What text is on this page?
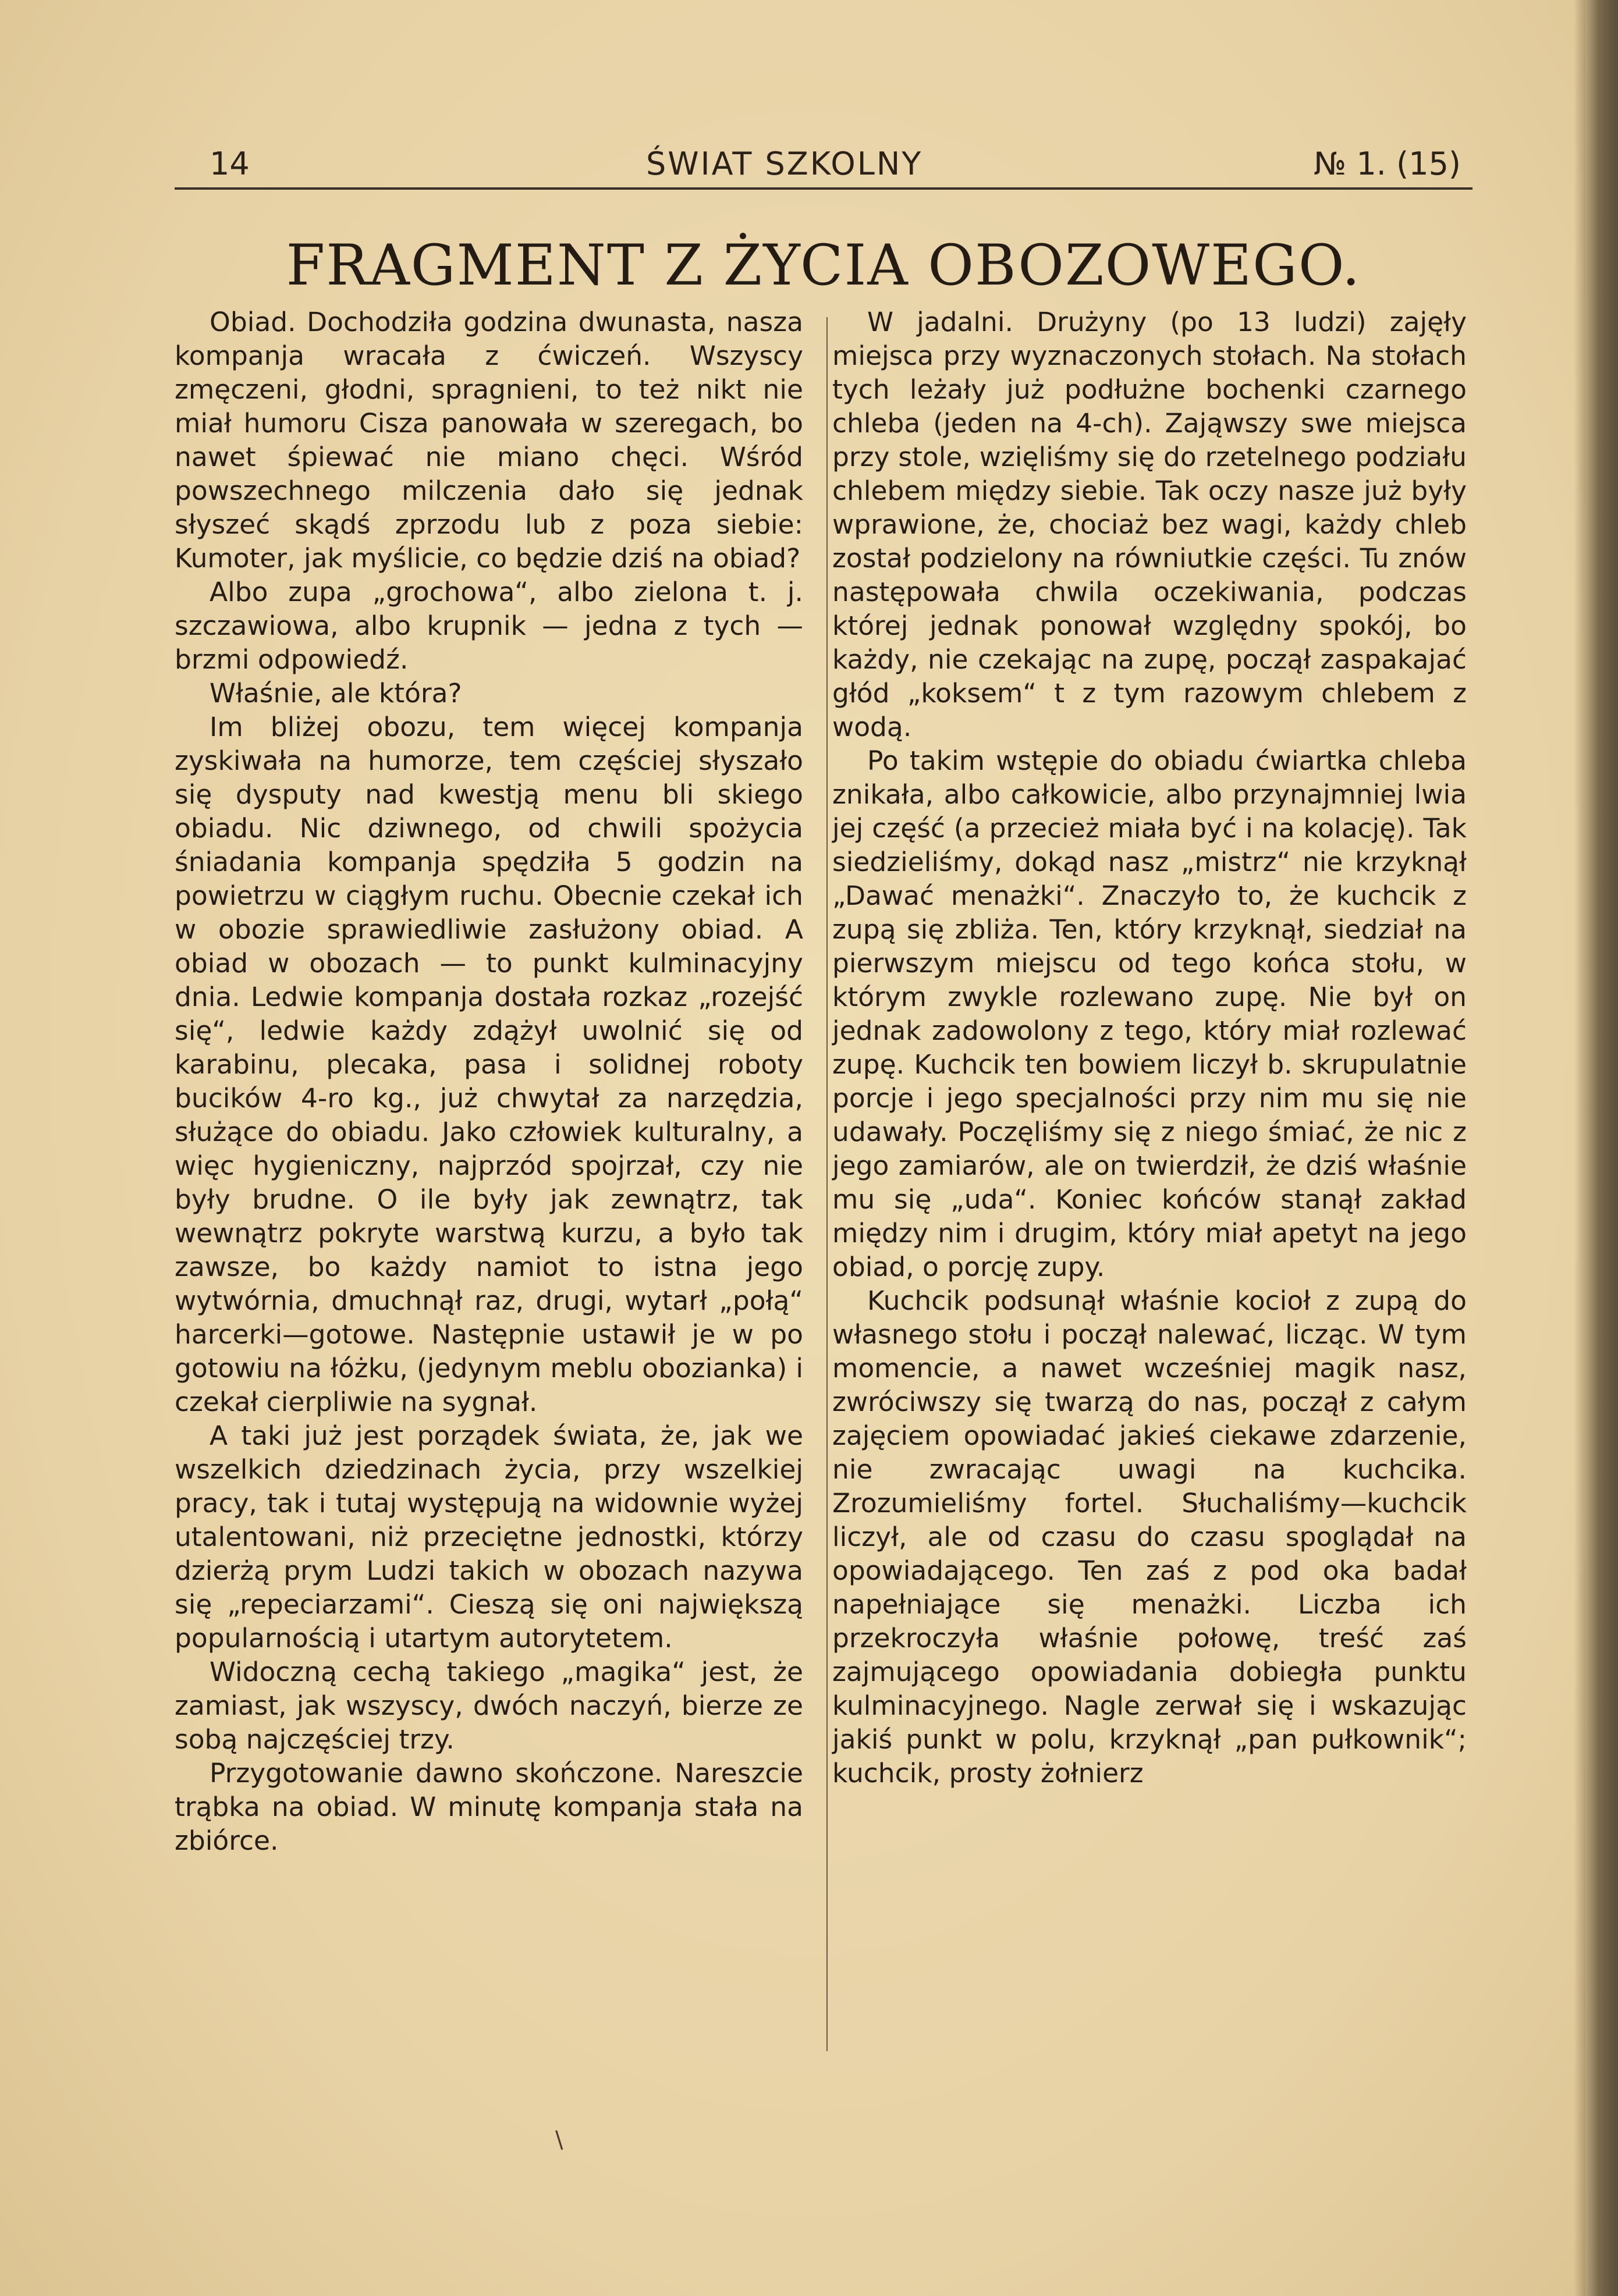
14	ŚWIAT SZKOLNY	№ 1. (15)
FRAGMENT Z ŻYCIA OBOZOWEGO.

Obiad. Dochodziła godzina dwunasta, nasza kompanja wracała z ćwiczeń. Wszyscy zmęczeni, głodni, spragnieni, to też nikt nie miał humoru Cisza panowała w szeregach, bo nawet śpiewać nie miano chęci. Wśród powszechnego milczenia dało się jednak słyszeć skądś zprzodu lub z poza siebie: Kumoter, jak myślicie, co będzie dziś na obiad?

Albo zupa „grochowa“, albo zielona t. j. szczawiowa, albo krupnik — jedna z tych — brzmi odpowiedź.

Właśnie, ale która?

Im bliżej obozu, tem więcej kompanja zyskiwała na humorze, tem częściej słyszało się dysputy nad kwestją menu bli skiego obiadu. Nic dziwnego, od chwili spożycia śniadania kompanja spędziła 5 godzin na powietrzu w ciągłym ruchu. Obecnie czekał ich w obozie sprawiedliwie zasłużony obiad. A obiad w obozach — to punkt kulminacyjny dnia. Ledwie kompanja dostała rozkaz „rozejść się“, ledwie każdy zdążył uwolnić się od karabinu, plecaka, pasa i solidnej roboty bucików 4-ro kg., już chwytał za narzędzia, służące do obiadu. Jako człowiek kulturalny, a więc hygieniczny, najprzód spojrzał, czy nie były brudne. O ile były jak zewnątrz, tak wewnątrz pokryte warstwą kurzu, a było tak zawsze, bo każdy namiot to istna jego wytwórnia, dmuchnął raz, drugi, wytarł „połą“ harcerki—gotowe. Następnie ustawił je w po gotowiu na łóżku, (jedynym meblu obozianka) i czekał cierpliwie na sygnał.

A taki już jest porządek świata, że, jak we wszelkich dziedzinach życia, przy wszelkiej pracy, tak i tutaj występują na widownie wyżej utalentowani, niż przeciętne jednostki, którzy dzierżą prym Ludzi takich w obozach nazywa się „repeciarzami“. Cieszą się oni największą popularnością i utartym autorytetem.

Widoczną cechą takiego „magika“ jest, że zamiast, jak wszyscy, dwóch naczyń, bierze ze sobą najczęściej trzy.

Przygotowanie dawno skończone. Nareszcie trąbka na obiad. W minutę kompanja stała na zbiórce.

W jadalni. Drużyny (po 13 ludzi) zajęły miejsca przy wyznaczonych stołach. Na stołach tych leżały już podłużne bochenki czarnego chleba (jeden na 4-ch). Zająwszy swe miejsca przy stole, wzięliśmy się do rzetelnego podziału chlebem między siebie. Tak oczy nasze już były wprawione, że, chociaż bez wagi, każdy chleb został podzielony na równiutkie części. Tu znów następowała chwila oczekiwania, podczas której jednak ponował względny spokój, bo każdy, nie czekając na zupę, począł zaspakajać głód „koksem“ t z tym razowym chlebem z wodą.

Po takim wstępie do obiadu ćwiartka chleba znikała, albo całkowicie, albo przynajmniej lwia jej część (a przecież miała być i na kolację). Tak siedzieliśmy, dokąd nasz „mistrz“ nie krzyknął „Dawać menażki“. Znaczyło to, że kuchcik z zupą się zbliża. Ten, który krzyknął, siedział na pierwszym miejscu od tego końca stołu, w którym zwykle rozlewano zupę. Nie był on jednak zadowolony z tego, który miał rozlewać zupę. Kuchcik ten bowiem liczył b. skrupulatnie porcje i jego specjalności przy nim mu się nie udawały. Poczęliśmy się z niego śmiać, że nic z jego zamiarów, ale on twierdził, że dziś właśnie mu się „uda“. Koniec końców stanął zakład między nim i drugim, który miał apetyt na jego obiad, o porcję zupy.

Kuchcik podsunął właśnie kocioł z zupą do własnego stołu i począł nalewać, licząc. W tym momencie, a nawet wcześniej magik nasz, zwróciwszy się twarzą do nas, począł z całym zajęciem opowiadać jakieś ciekawe zdarzenie, nie zwracając uwagi na kuchcika. Zrozumieliśmy fortel. Słuchaliśmy—kuchcik liczył, ale od czasu do czasu spoglądał na opowiadającego. Ten zaś z pod oka badał napełniające się menażki. Liczba ich przekroczyła właśnie połowę, treść zaś zajmującego opowiadania dobiegła punktu kulminacyjnego. Nagle zerwał się i wskazując jakiś punkt w polu, krzyknął „pan pułkownik“; kuchcik, prosty żołnierz

\
